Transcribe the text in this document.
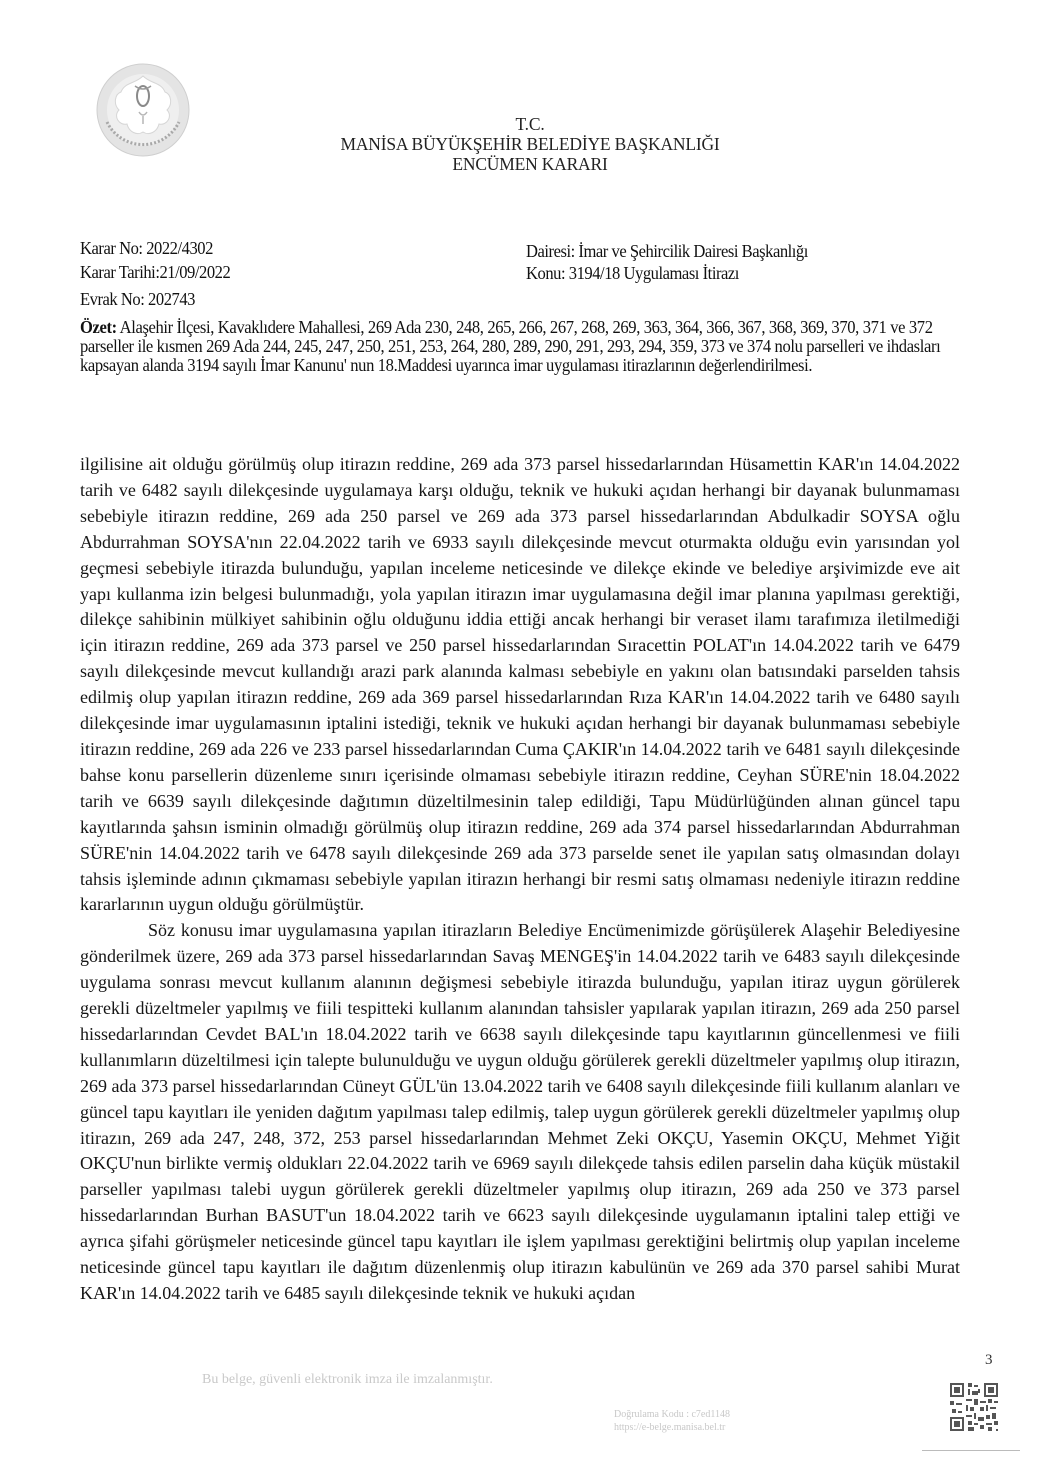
T.C.
MANİSA BÜYÜKŞEHİR BELEDİYE BAŞKANLIĞI
ENCÜMEN KARARI
Karar No: 2022/4302
Karar Tarihi:21/09/2022
Evrak No: 202743
Dairesi: İmar ve Şehircilik Dairesi Başkanlığı
Konu: 3194/18 Uygulaması İtirazı
Özet: Alaşehir İlçesi, Kavaklıdere Mahallesi, 269 Ada 230, 248, 265, 266, 267, 268, 269, 363, 364, 366, 367, 368, 369, 370, 371 ve 372 parseller ile kısmen 269 Ada 244, 245, 247, 250, 251, 253, 264, 280, 289, 290, 291, 293, 294, 359, 373 ve 374 nolu parselleri ve ihdasları kapsayan alanda 3194 sayılı İmar Kanunu' nun 18.Maddesi uyarınca imar uygulaması itirazlarının değerlendirilmesi.

ilgilisine ait olduğu görülmüş olup itirazın reddine, 269 ada 373 parsel hissedarlarından Hüsamettin KAR'ın 14.04.2022 tarih ve 6482 sayılı dilekçesinde uygulamaya karşı olduğu, teknik ve hukuki açıdan herhangi bir dayanak bulunmaması sebebiyle itirazın reddine, 269 ada 250 parsel ve 269 ada 373 parsel hissedarlarından Abdulkadir SOYSA oğlu Abdurrahman SOYSA'nın 22.04.2022 tarih ve 6933 sayılı dilekçesinde mevcut oturmakta olduğu evin yarısından yol geçmesi sebebiyle itirazda bulunduğu, yapılan inceleme neticesinde ve dilekçe ekinde ve belediye arşivimizde eve ait yapı kullanma izin belgesi bulunmadığı, yola yapılan itirazın imar uygulamasına değil imar planına yapılması gerektiği, dilekçe sahibinin mülkiyet sahibinin oğlu olduğunu iddia ettiği ancak herhangi bir veraset ilamı tarafımıza iletilmediği için itirazın reddine, 269 ada 373 parsel ve 250 parsel hissedarlarından Sıracettin POLAT'ın 14.04.2022 tarih ve 6479 sayılı dilekçesinde mevcut kullandığı arazi park alanında kalması sebebiyle en yakını olan batısındaki parselden tahsis edilmiş olup yapılan itirazın reddine, 269 ada 369 parsel hissedarlarından Rıza KAR'ın 14.04.2022 tarih ve 6480 sayılı dilekçesinde imar uygulamasının iptalini istediği, teknik ve hukuki açıdan herhangi bir dayanak bulunmaması sebebiyle itirazın reddine, 269 ada 226 ve 233 parsel hissedarlarından Cuma ÇAKIR'ın 14.04.2022 tarih ve 6481 sayılı dilekçesinde bahse konu parsellerin düzenleme sınırı içerisinde olmaması sebebiyle itirazın reddine, Ceyhan SÜRE'nin 18.04.2022 tarih ve 6639 sayılı dilekçesinde dağıtımın düzeltilmesinin talep edildiği, Tapu Müdürlüğünden alınan güncel tapu kayıtlarında şahsın isminin olmadığı görülmüş olup itirazın reddine, 269 ada 374 parsel hissedarlarından Abdurrahman SÜRE'nin 14.04.2022 tarih ve 6478 sayılı dilekçesinde 269 ada 373 parselde senet ile yapılan satış olmasından dolayı tahsis işleminde adının çıkmaması sebebiyle yapılan itirazın herhangi bir resmi satış olmaması nedeniyle itirazın reddine kararlarının uygun olduğu görülmüştür.

Söz konusu imar uygulamasına yapılan itirazların Belediye Encümenimizde görüşülerek Alaşehir Belediyesine gönderilmek üzere, 269 ada 373 parsel hissedarlarından Savaş MENGEŞ'in 14.04.2022 tarih ve 6483 sayılı dilekçesinde uygulama sonrası mevcut kullanım alanının değişmesi sebebiyle itirazda bulunduğu, yapılan itiraz uygun görülerek gerekli düzeltmeler yapılmış ve fiili tespitteki kullanım alanından tahsisler yapılarak yapılan itirazın, 269 ada 250 parsel hissedarlarından Cevdet BAL'ın 18.04.2022 tarih ve 6638 sayılı dilekçesinde tapu kayıtlarının güncellenmesi ve fiili kullanımların düzeltilmesi için talepte bulunulduğu ve uygun olduğu görülerek gerekli düzeltmeler yapılmış olup itirazın, 269 ada 373 parsel hissedarlarından Cüneyt GÜL'ün 13.04.2022 tarih ve 6408 sayılı dilekçesinde fiili kullanım alanları ve güncel tapu kayıtları ile yeniden dağıtım yapılması talep edilmiş, talep uygun görülerek gerekli düzeltmeler yapılmış olup itirazın, 269 ada 247, 248, 372, 253 parsel hissedarlarından Mehmet Zeki OKÇU, Yasemin OKÇU, Mehmet Yiğit OKÇU'nun birlikte vermiş oldukları 22.04.2022 tarih ve 6969 sayılı dilekçede tahsis edilen parselin daha küçük müstakil parseller yapılması talebi uygun görülerek gerekli düzeltmeler yapılmış olup itirazın, 269 ada 250 ve 373 parsel hissedarlarından Burhan BASUT'un 18.04.2022 tarih ve 6623 sayılı dilekçesinde uygulamanın iptalini talep ettiği ve ayrıca şifahi görüşmeler neticesinde güncel tapu kayıtları ile işlem yapılması gerektiğini belirtmiş olup yapılan inceleme neticesinde güncel tapu kayıtları ile dağıtım düzenlenmiş olup itirazın kabulünün ve 269 ada 370 parsel sahibi Murat KAR'ın 14.04.2022 tarih ve 6485 sayılı dilekçesinde teknik ve hukuki açıdan

3
Bu belge, güvenli elektronik imza ile imzalanmıştır.
Doğrulama Kodu : c7ed1148
https://e-belge.manisa.bel.tr
